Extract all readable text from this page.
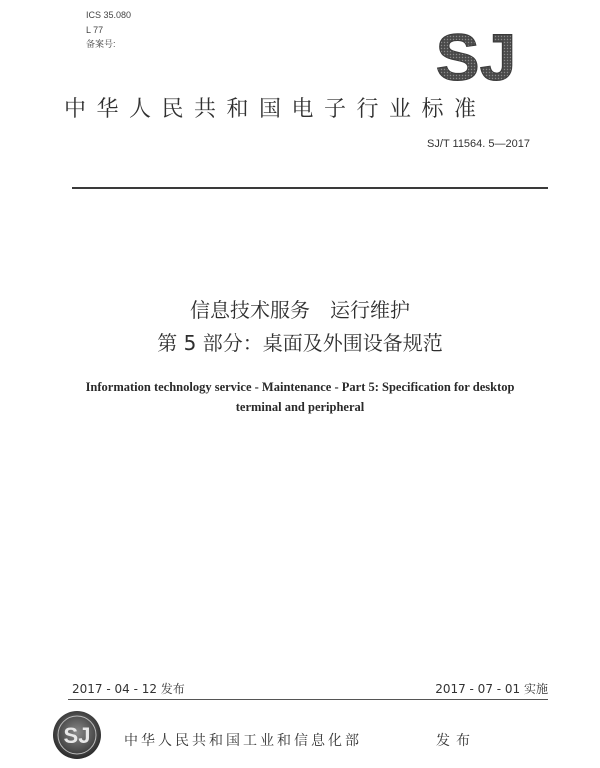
ICS 35.080
L 77
备案号:	SJ
中华人民共和国电子行业标准
SJ/T 11564. 5—2017
信息技术服务　运行维护
第 5 部分：桌面及外围设备规范
Information technology service - Maintenance - Part 5: Specification for desktop
terminal and peripheral
2017 - 04 - 12 发布	2017 - 07 - 01 实施
SJ 中华人民共和国工业和信息化部	发布
